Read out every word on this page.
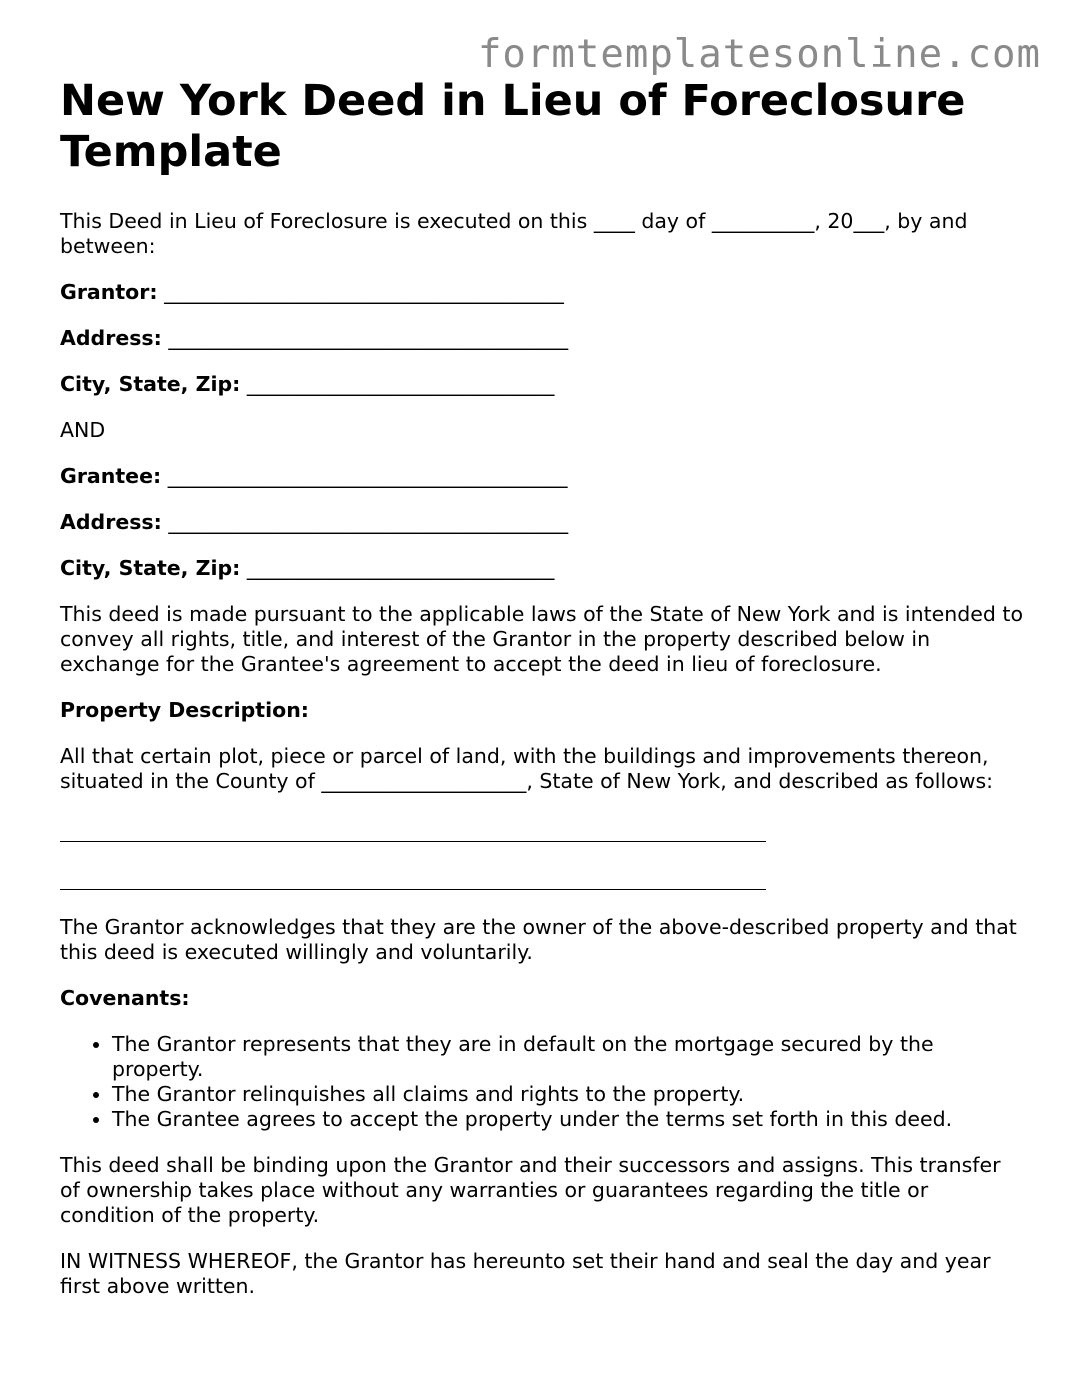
formtemplatesonline.com
New York Deed in Lieu of Foreclosure Template

This Deed in Lieu of Foreclosure is executed on this ____ day of __________, 20___, by and between:

Grantor: _______________________________________

Address: _______________________________________

City, State, Zip: ______________________________

AND

Grantee: _______________________________________

Address: _______________________________________

City, State, Zip: ______________________________

This deed is made pursuant to the applicable laws of the State of New York and is intended to convey all rights, title, and interest of the Grantor in the property described below in exchange for the Grantee's agreement to accept the deed in lieu of foreclosure.

Property Description:

All that certain plot, piece or parcel of land, with the buildings and improvements thereon, situated in the County of ____________________, State of New York, and described as follows:

The Grantor acknowledges that they are the owner of the above-described property and that this deed is executed willingly and voluntarily.

Covenants:

• The Grantor represents that they are in default on the mortgage secured by the property.
• The Grantor relinquishes all claims and rights to the property.
• The Grantee agrees to accept the property under the terms set forth in this deed.

This deed shall be binding upon the Grantor and their successors and assigns. This transfer of ownership takes place without any warranties or guarantees regarding the title or condition of the property.

IN WITNESS WHEREOF, the Grantor has hereunto set their hand and seal the day and year first above written.
